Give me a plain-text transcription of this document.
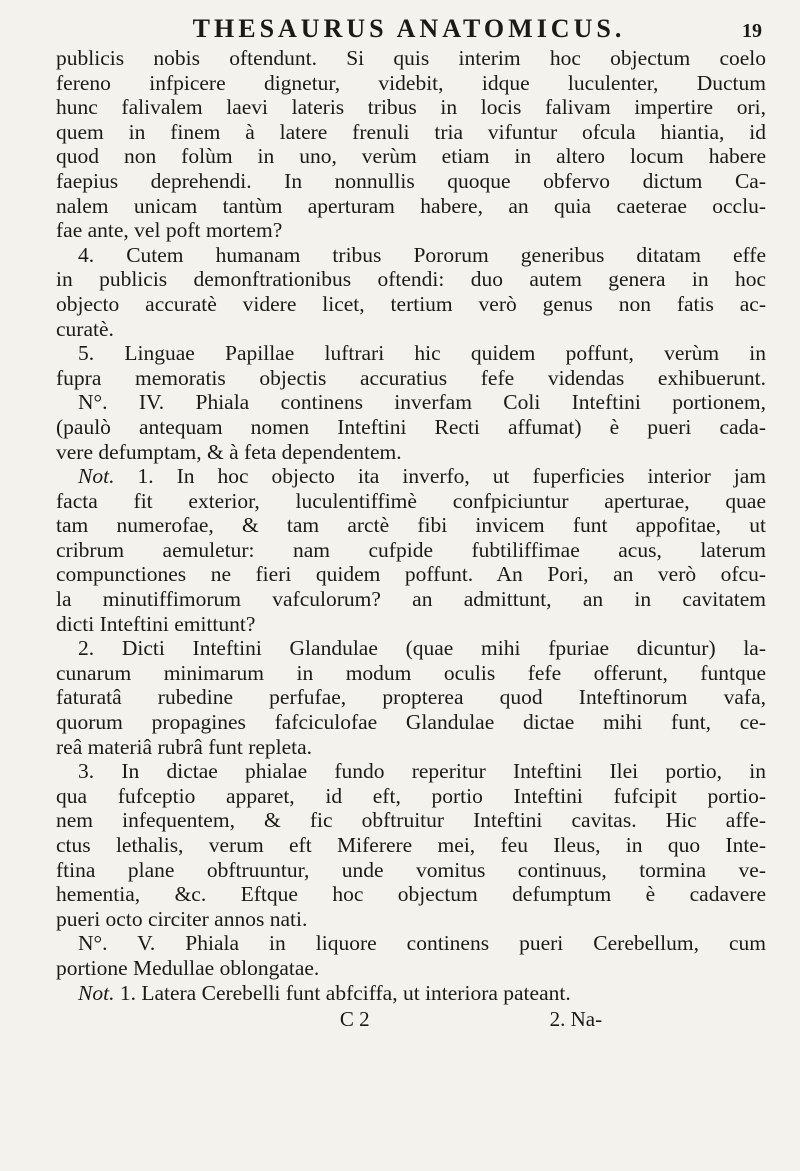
THESAURUS ANATOMICUS.	19

publicis nobis oftendunt. Si quis interim hoc objectum coelo

fereno infpicere dignetur, videbit, idque luculenter, Ductum

hunc falivalem laevi lateris tribus in locis falivam impertire ori,

quem in finem à latere frenuli tria vifuntur ofcula hiantia, id

quod non folùm in uno, verùm etiam in altero locum habere

faepius deprehendi. In nonnullis quoque obfervo dictum Ca-

nalem unicam tantùm aperturam habere, an quia caeterae occlu-

fae ante, vel poft mortem?

4. Cutem humanam tribus Pororum generibus ditatam effe

in publicis demonftrationibus oftendi: duo autem genera in hoc

objecto accuratè videre licet, tertium verò genus non fatis ac-

curatè.

5. Linguae Papillae luftrari hic quidem poffunt, verùm in

fupra memoratis objectis accuratius fefe videndas exhibuerunt.

N°. IV. Phiala continens inverfam Coli Inteftini portionem,

(paulò antequam nomen Inteftini Recti affumat) è pueri cada-

vere defumptam, & à feta dependentem.

Not. 1. In hoc objecto ita inverfo, ut fuperficies interior jam

facta fit exterior, luculentiffimè confpiciuntur aperturae, quae

tam numerofae, & tam arctè fibi invicem funt appofitae, ut

cribrum aemuletur: nam cufpide fubtiliffimae acus, laterum

compunctiones ne fieri quidem poffunt. An Pori, an verò ofcu-

la minutiffimorum vafculorum? an admittunt, an in cavitatem

dicti Inteftini emittunt?

2. Dicti Inteftini Glandulae (quae mihi fpuriae dicuntur) la-

cunarum minimarum in modum oculis fefe offerunt, funtque

faturatâ rubedine perfufae, propterea quod Inteftinorum vafa,

quorum propagines fafciculofae Glandulae dictae mihi funt, ce-

reâ materiâ rubrâ funt repleta.

3. In dictae phialae fundo reperitur Inteftini Ilei portio, in

qua fufceptio apparet, id eft, portio Inteftini fufcipit portio-

nem infequentem, & fic obftruitur Inteftini cavitas. Hic affe-

ctus lethalis, verum eft Miferere mei, feu Ileus, in quo Inte-

ftina plane obftruuntur, unde vomitus continuus, tormina ve-

hementia, &c. Eftque hoc objectum defumptum è cadavere

pueri octo circiter annos nati.

N°. V. Phiala in liquore continens pueri Cerebellum, cum

portione Medullae oblongatae.

Not. 1. Latera Cerebelli funt abfciffa, ut interiora pateant.

C 2	2. Na-
